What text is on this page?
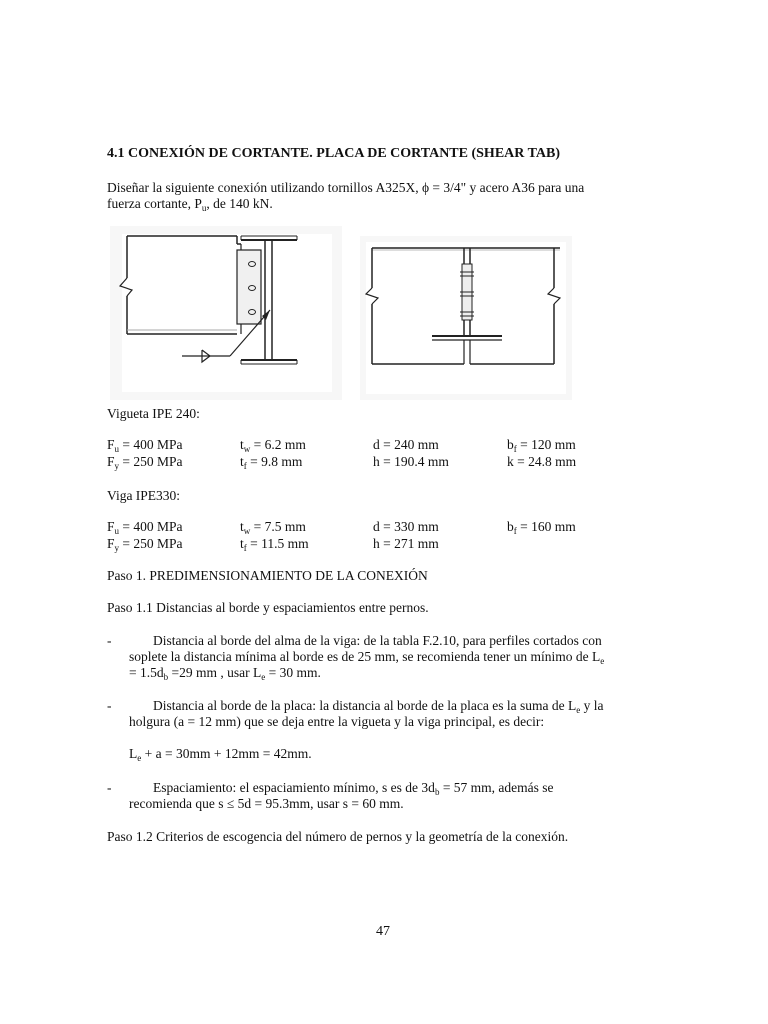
4.1 CONEXIÓN DE CORTANTE. PLACA DE CORTANTE (SHEAR TAB)
Diseñar la siguiente conexión utilizando tornillos A325X, ϕ = 3/4" y acero A36 para una
fuerza cortante, $P_u$, de 140 kN.
Vigueta IPE 240:
$F_u = 400$ MPa	$t_w = 6.2$ mm	d = 240 mm	$b_f = 120$ mm
$F_y = 250$ MPa	$t_f = 9.8$ mm	h = 190.4 mm	k = 24.8 mm
Viga IPE330:
$F_u = 400$ MPa	$t_w = 7.5$ mm	d = 330 mm	$b_f = 160$ mm
$F_y = 250$ MPa	$t_f = 11.5$ mm	h = 271 mm
Paso 1. PREDIMENSIONAMIENTO DE LA CONEXIÓN
Paso 1.1 Distancias al borde y espaciamientos entre pernos.
-	Distancia al borde del alma de la viga: de la tabla F.2.10, para perfiles cortados con
soplete la distancia mínima al borde es de 25 mm, se recomienda tener un mínimo de $L_e$
= $1.5d_b =29$ mm , usar $L_e = 30$ mm.
-	Distancia al borde de la placa: la distancia al borde de la placa es la suma de $L_e$ y la
holgura (a = 12 mm) que se deja entre la vigueta y la viga principal, es decir:
$L_e + a = 30mm + 12mm = 42mm$.
-	Espaciamiento: el espaciamiento mínimo, s es de $3d_b = 57$ mm, además se
recomienda que s ≤ 5d = 95.3mm, usar s = 60 mm.
Paso 1.2 Criterios de escogencia del número de pernos y la geometría de la conexión.
47
